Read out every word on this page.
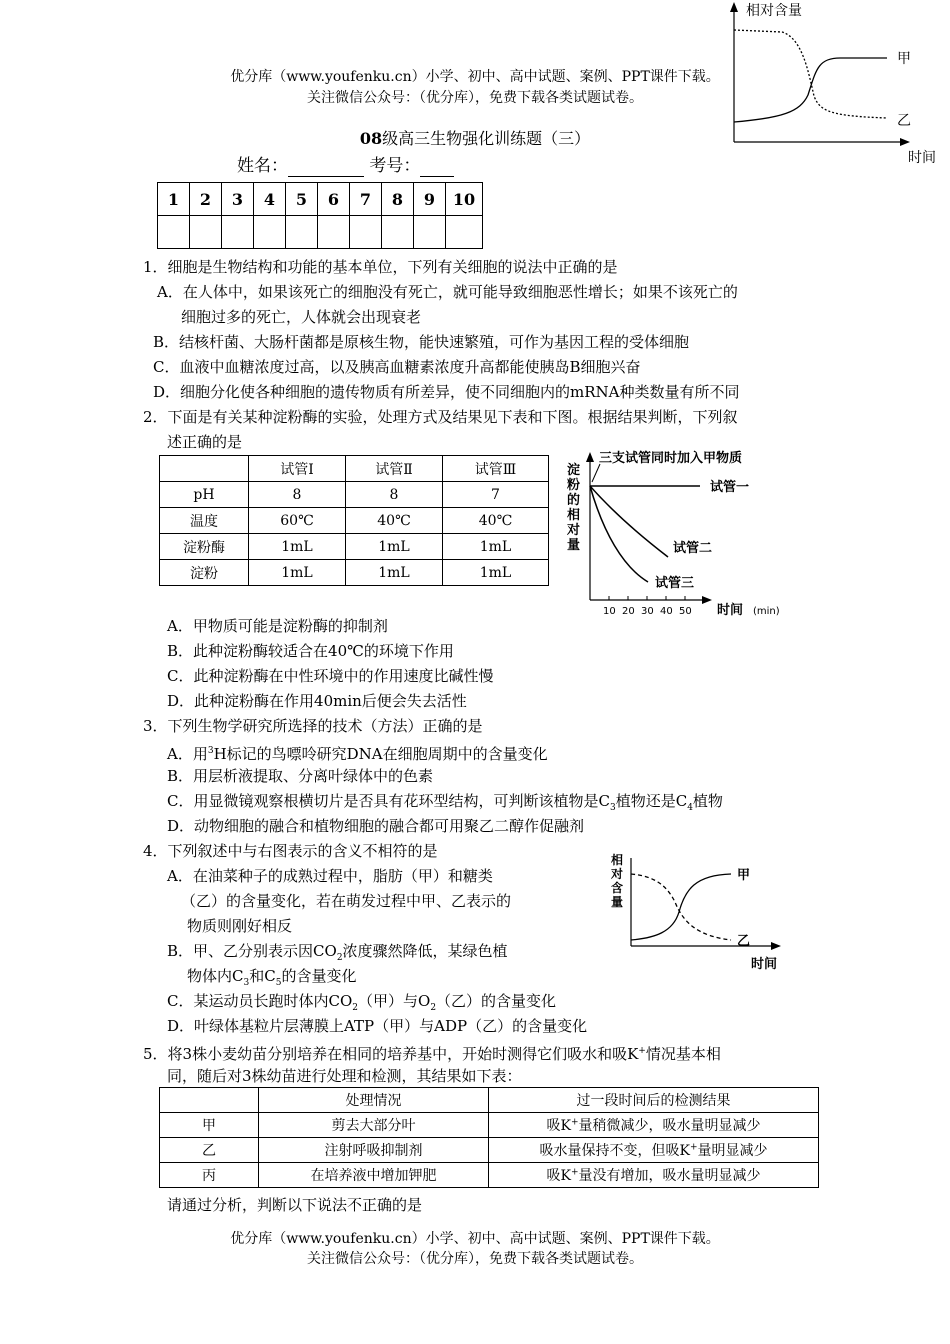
优分库（www.youfenku.cn）小学、初中、高中试题、案例、PPT课件下载。
关注微信公众号：（优分库），免费下载各类试题试卷。
相对含量
甲
乙
时间
08级高三生物强化训练题（三）
姓名：	考号：
1	2	3	4	5	6	7	8	9	10

1．细胞是生物结构和功能的基本单位，下列有关细胞的说法中正确的是
A．在人体中，如果该死亡的细胞没有死亡，就可能导致细胞恶性增长；如果不该死亡的
细胞过多的死亡，人体就会出现衰老
B．结核杆菌、大肠杆菌都是原核生物，能快速繁殖，可作为基因工程的受体细胞
C．血液中血糖浓度过高，以及胰高血糖素浓度升高都能使胰岛B细胞兴奋
D．细胞分化使各种细胞的遗传物质有所差异，使不同细胞内的mRNA种类数量有所不同
2．下面是有关某种淀粉酶的实验，处理方式及结果见下表和下图。根据结果判断，下列叙
述正确的是
	试管Ⅰ	试管Ⅱ	试管Ⅲ
pH	8	8	7
温度	60℃	40℃	40℃
淀粉酶	1mL	1mL	1mL
淀粉	1mL	1mL	1mL
三支试管同时加入甲物质
淀
粉
的
相
对
量
试管一
试管二
试管三
10 20 30 40 50 时间 (min)
A．甲物质可能是淀粉酶的抑制剂
B．此种淀粉酶较适合在40℃的环境下作用
C．此种淀粉酶在中性环境中的作用速度比碱性慢
D．此种淀粉酶在作用40min后便会失去活性
3．下列生物学研究所选择的技术（方法）正确的是
A．用$^3$H标记的鸟嘌呤研究DNA在细胞周期中的含量变化
B．用层析液提取、分离叶绿体中的色素
C．用显微镜观察根横切片是否具有花环型结构，可判断该植物是$C_3$植物还是$C_4$植物
D．动物细胞的融合和植物细胞的融合都可用聚乙二醇作促融剂
4．下列叙述中与右图表示的含义不相符的是
A．在油菜种子的成熟过程中，脂肪（甲）和糖类
（乙）的含量变化，若在萌发过程中甲、乙表示的
物质则刚好相反
B．甲、乙分别表示因$CO_2$浓度骤然降低，某绿色植
物体内$C_3$和$C_5$的含量变化
C．某运动员长跑时体内$CO_2$（甲）与$O_2$（乙）的含量变化
D．叶绿体基粒片层薄膜上ATP（甲）与ADP（乙）的含量变化
相
对
含
量
甲
乙
时间
5．将3株小麦幼苗分别培养在相同的培养基中，开始时测得它们吸水和吸K+情况基本相
同，随后对3株幼苗进行处理和检测，其结果如下表：
	处理情况	过一段时间后的检测结果
甲	剪去大部分叶	吸K+量稍微减少，吸水量明显减少
乙	注射呼吸抑制剂	吸水量保持不变，但吸K+量明显减少
丙	在培养液中增加钾肥	吸K+量没有增加，吸水量明显减少
请通过分析，判断以下说法不正确的是
优分库（www.youfenku.cn）小学、初中、高中试题、案例、PPT课件下载。
关注微信公众号：（优分库），免费下载各类试题试卷。
